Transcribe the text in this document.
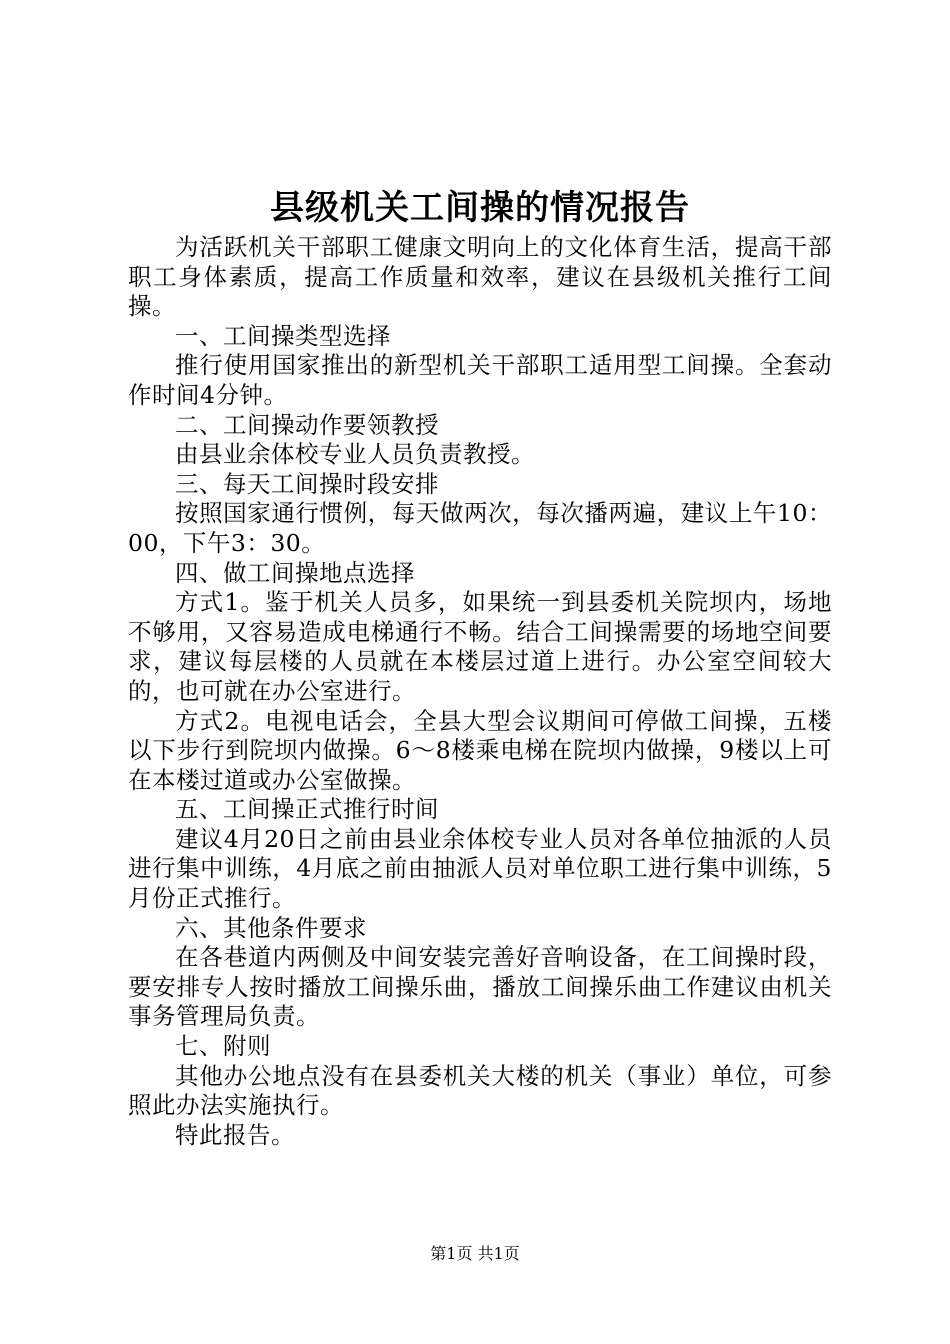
县级机关工间操的情况报告

为活跃机关干部职工健康文明向上的文化体育生活，提高干部职工身体素质，提高工作质量和效率，建议在县级机关推行工间操。

一、工间操类型选择

推行使用国家推出的新型机关干部职工适用型工间操。全套动作时间4分钟。

二、工间操动作要领教授

由县业余体校专业人员负责教授。

三、每天工间操时段安排

按照国家通行惯例，每天做两次，每次播两遍，建议上午10：00，下午3：30。

四、做工间操地点选择

方式1。鉴于机关人员多，如果统一到县委机关院坝内，场地不够用，又容易造成电梯通行不畅。结合工间操需要的场地空间要求，建议每层楼的人员就在本楼层过道上进行。办公室空间较大的，也可就在办公室进行。

方式2。电视电话会，全县大型会议期间可停做工间操，五楼以下步行到院坝内做操。6～8楼乘电梯在院坝内做操，9楼以上可在本楼过道或办公室做操。

五、工间操正式推行时间

建议4月20日之前由县业余体校专业人员对各单位抽派的人员进行集中训练，4月底之前由抽派人员对单位职工进行集中训练，5月份正式推行。

六、其他条件要求

在各巷道内两侧及中间安装完善好音响设备，在工间操时段，要安排专人按时播放工间操乐曲，播放工间操乐曲工作建议由机关事务管理局负责。

七、附则

其他办公地点没有在县委机关大楼的机关（事业）单位，可参照此办法实施执行。

特此报告。

第1页 共1页
